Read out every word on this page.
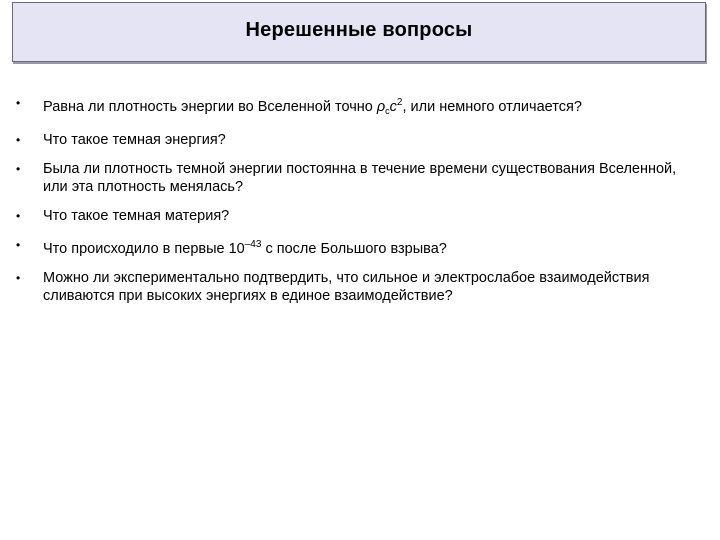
Нерешенные вопросы
•	Равна ли плотность энергии во Вселенной точно $\rho_cc^2$, или немного отличается?
•	Что такое темная энергия?
•	Была ли плотность темной энергии постоянна в течение времени существования Вселенной, или эта плотность менялась?
•	Что такое темная материя?
•	Что происходило в первые $10^{-43}$ с после Большого взрыва?
•	Можно ли экспериментально подтвердить, что сильное и электрослабое взаимодействия сливаются при высоких энергиях в единое взаимодействие?
